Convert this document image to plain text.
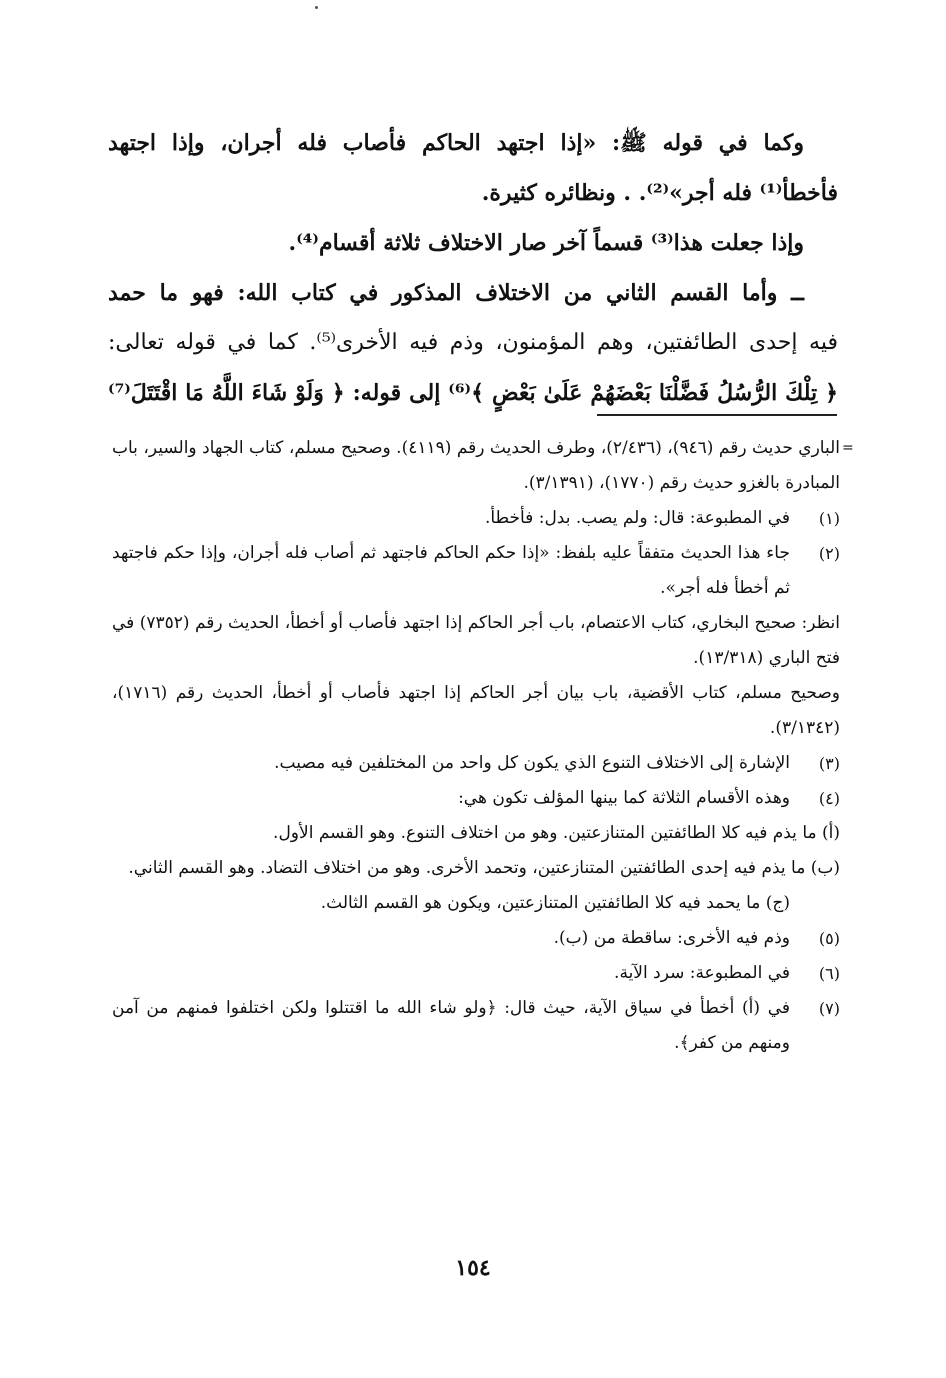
وكما في قوله ﷺ: «إذا اجتهد الحاكم فأصاب فله أجران، وإذا اجتهد
فأخطأ⁽¹⁾ فله أجر»⁽²⁾. . ونظائره كثيرة.
وإذا جعلت هذا⁽³⁾ قسماً آخر صار الاختلاف ثلاثة أقسام⁽⁴⁾.
ــ وأما القسم الثاني من الاختلاف المذكور في كتاب الله: فهو ما حمد
فيه إحدى الطائفتين، وهم المؤمنون، وذم فيه الأخرى⁽⁵⁾. كما في قوله تعالى:
﴿ تِلْكَ الرُّسُلُ فَضَّلْنَا بَعْضَهُمْ عَلَىٰ بَعْضٍ ﴾⁽⁶⁾ إلى قوله: ﴿ وَلَوْ شَاءَ اللَّهُ مَا اقْتَتَلَ⁽⁷⁾
=

الباري حديث رقم (٩٤٦)، (٢/٤٣٦)، وطرف الحديث رقم (٤١١٩). وصحيح مسلم، كتاب الجهاد والسير، باب المبادرة بالغزو حديث رقم (١٧٧٠)، (٣/١٣٩١).

(١)

في المطبوعة: قال: ولم يصب. بدل: فأخطأ.

(٢)

جاء هذا الحديث متفقاً عليه بلفظ: «إذا حكم الحاكم فاجتهد ثم أصاب فله أجران، وإذا حكم فاجتهد ثم أخطأ فله أجر».

انظر: صحيح البخاري، كتاب الاعتصام، باب أجر الحاكم إذا اجتهد فأصاب أو أخطأ، الحديث رقم (٧٣٥٢) في فتح الباري (١٣/٣١٨).

وصحيح مسلم، كتاب الأقضية، باب بيان أجر الحاكم إذا اجتهد فأصاب أو أخطأ، الحديث رقم (١٧١٦)، (٣/١٣٤٢).

(٣)

الإشارة إلى الاختلاف التنوع الذي يكون كل واحد من المختلفين فيه مصيب.

(٤)

وهذه الأقسام الثلاثة كما بينها المؤلف تكون هي:

(أ) ما يذم فيه كلا الطائفتين المتنازعتين. وهو من اختلاف التنوع. وهو القسم الأول.

(ب) ما يذم فيه إحدى الطائفتين المتنازعتين، وتحمد الأخرى. وهو من اختلاف التضاد. وهو القسم الثاني.

(ج) ما يحمد فيه كلا الطائفتين المتنازعتين، ويكون هو القسم الثالث.

(٥)

وذم فيه الأخرى: ساقطة من (ب).

(٦)

في المطبوعة: سرد الآية.

(٧)

في (أ) أخطأ في سياق الآية، حيث قال: ﴿ولو شاء الله ما اقتتلوا ولكن اختلفوا فمنهم من آمن ومنهم من كفر﴾.

١٥٤
